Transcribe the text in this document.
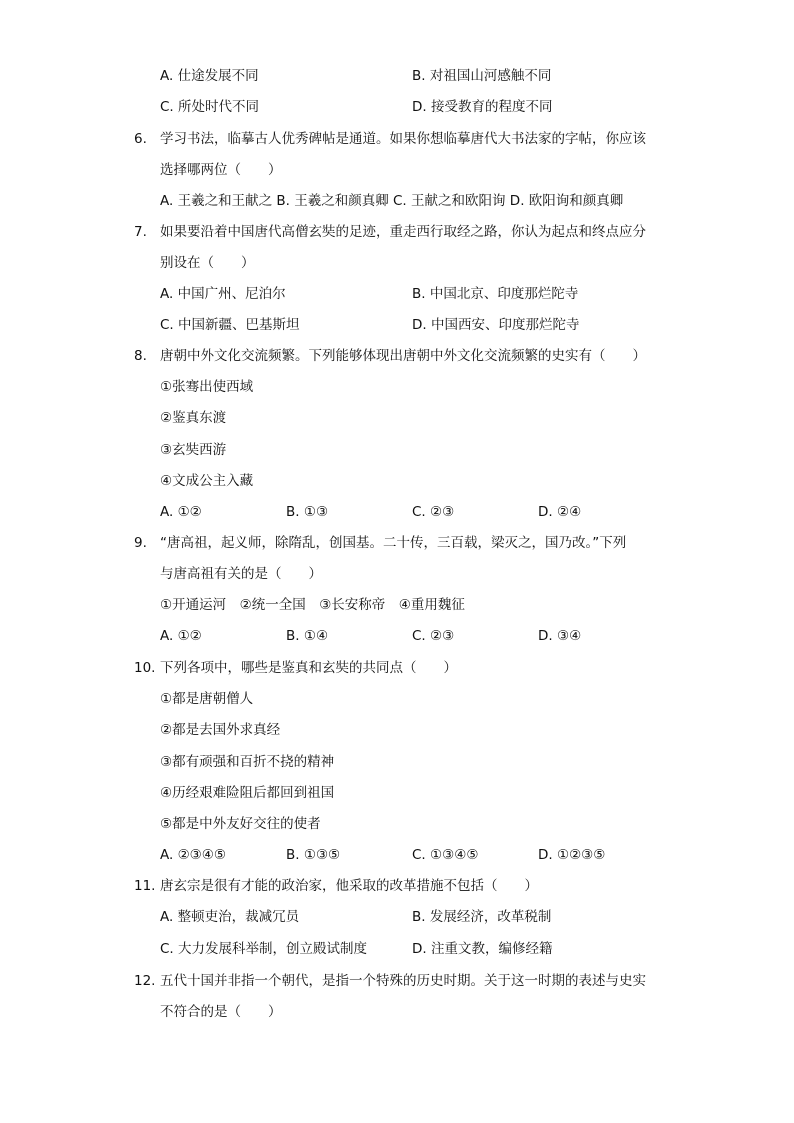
A. 仕途发展不同	B. 对祖国山河感触不同
C. 所处时代不同	D. 接受教育的程度不同
6. 学习书法，临摹古人优秀碑帖是通道。如果你想临摹唐代大书法家的字帖，你应该
选择哪两位（　　）
A. 王羲之和王献之 B. 王羲之和颜真卿 C. 王献之和欧阳询 D. 欧阳询和颜真卿
7. 如果要沿着中国唐代高僧玄奘的足迹，重走西行取经之路，你认为起点和终点应分
别设在（　　）
A. 中国广州、尼泊尔	B. 中国北京、印度那烂陀寺
C. 中国新疆、巴基斯坦	D. 中国西安、印度那烂陀寺
8. 唐朝中外文化交流频繁。下列能够体现出唐朝中外文化交流频繁的史实有（　　）
①张骞出使西域
②鉴真东渡
③玄奘西游
④文成公主入藏
A. ①②	B. ①③	C. ②③	D. ②④
9. “唐高祖，起义师，除隋乱，创国基。二十传，三百载，梁灭之，国乃改。”下列
与唐高祖有关的是（　　）
①开通运河　②统一全国　③长安称帝　④重用魏征
A. ①②	B. ①④	C. ②③	D. ③④
10. 下列各项中，哪些是鉴真和玄奘的共同点（　　）
①都是唐朝僧人
②都是去国外求真经
③都有顽强和百折不挠的精神
④历经艰难险阻后都回到祖国
⑤都是中外友好交往的使者
A. ②③④⑤	B. ①③⑤	C. ①③④⑤	D. ①②③⑤
11. 唐玄宗是很有才能的政治家，他采取的改革措施不包括（　　）
A. 整顿吏治，裁减冗员	B. 发展经济，改革税制
C. 大力发展科举制，创立殿试制度	D. 注重文教，编修经籍
12. 五代十国并非指一个朝代，是指一个特殊的历史时期。关于这一时期的表述与史实
不符合的是（　　）
